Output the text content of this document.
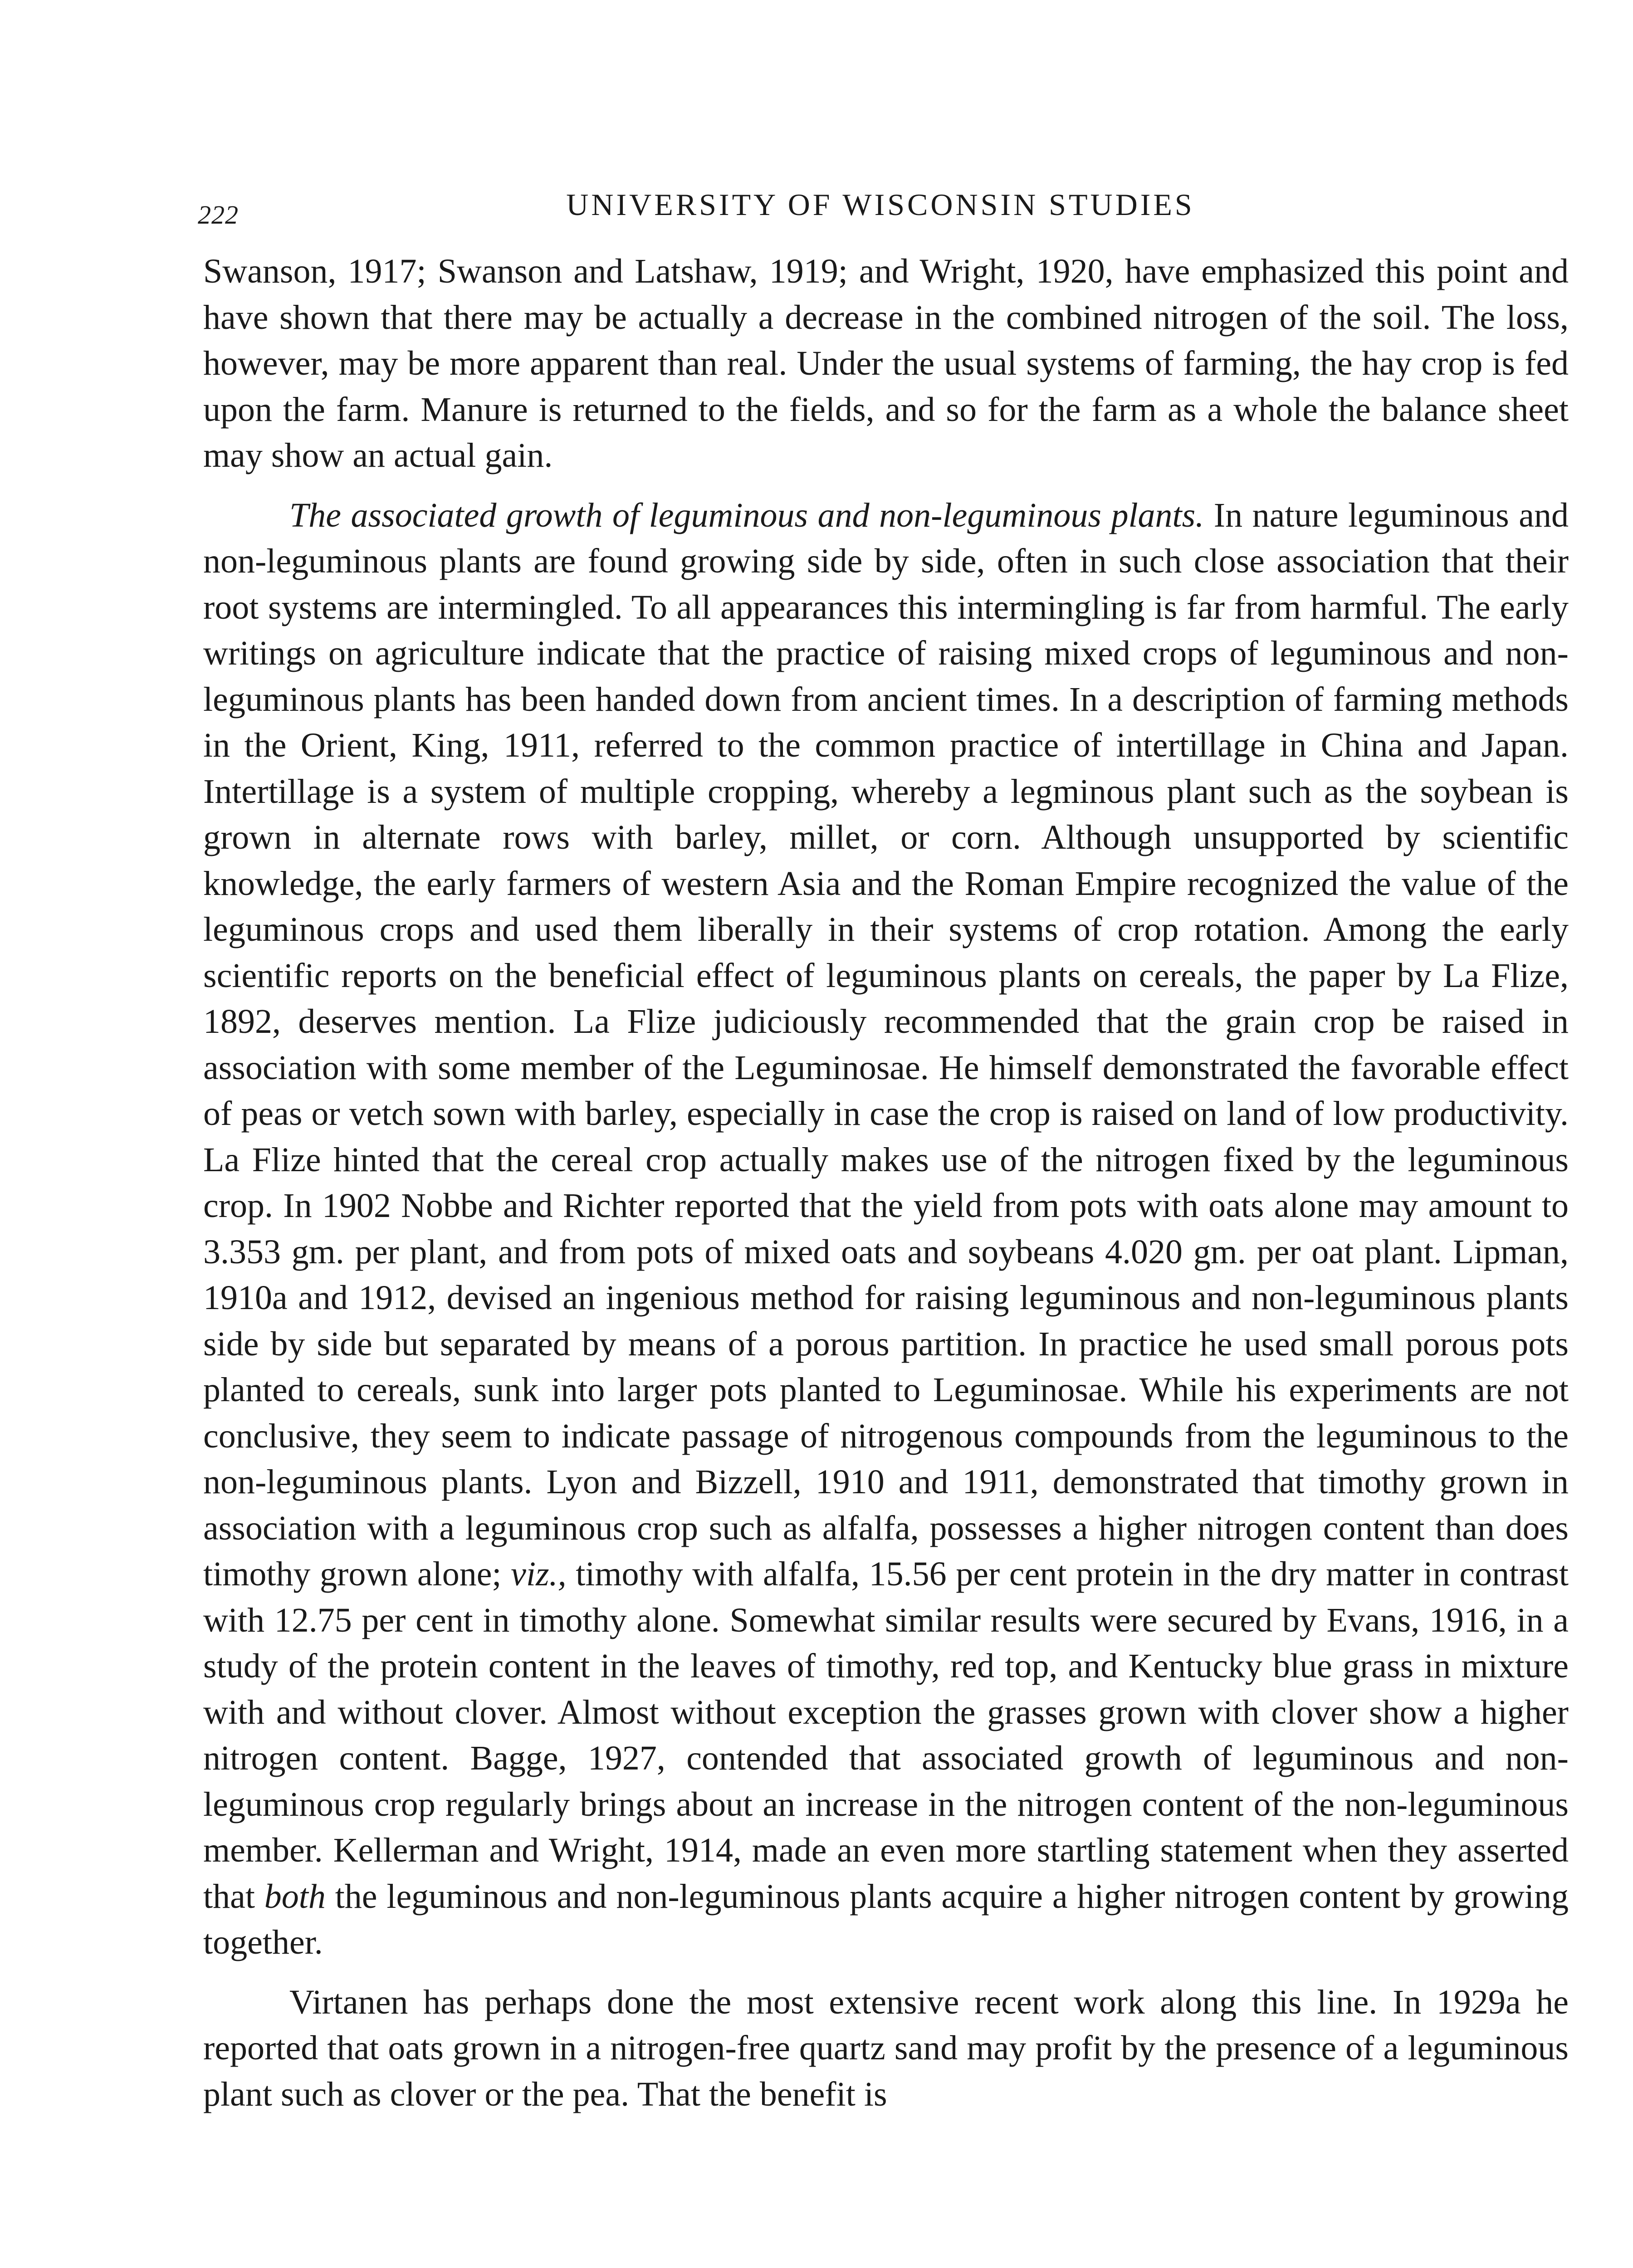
222	UNIVERSITY OF WISCONSIN STUDIES

Swanson, 1917; Swanson and Latshaw, 1919; and Wright, 1920, have emphasized this point and have shown that there may be actually a decrease in the combined nitrogen of the soil. The loss, however, may be more apparent than real. Under the usual systems of farming, the hay crop is fed upon the farm. Manure is returned to the fields, and so for the farm as a whole the balance sheet may show an actual gain.

The associated growth of leguminous and non-leguminous plants. In nature leguminous and non-leguminous plants are found growing side by side, often in such close association that their root systems are intermingled. To all appearances this intermingling is far from harmful. The early writings on agriculture indicate that the practice of raising mixed crops of leguminous and non-leguminous plants has been handed down from ancient times. In a description of farming methods in the Orient, King, 1911, referred to the common practice of intertillage in China and Japan. Intertillage is a system of multiple cropping, whereby a legminous plant such as the soybean is grown in alternate rows with barley, millet, or corn. Although unsupported by scientific knowledge, the early farmers of western Asia and the Roman Empire recognized the value of the leguminous crops and used them liberally in their systems of crop rotation. Among the early scientific reports on the beneficial effect of leguminous plants on cereals, the paper by La Flize, 1892, deserves mention. La Flize judiciously recommended that the grain crop be raised in association with some member of the Leguminosae. He himself demonstrated the favorable effect of peas or vetch sown with barley, especially in case the crop is raised on land of low productivity. La Flize hinted that the cereal crop actually makes use of the nitrogen fixed by the leguminous crop. In 1902 Nobbe and Richter reported that the yield from pots with oats alone may amount to 3.353 gm. per plant, and from pots of mixed oats and soybeans 4.020 gm. per oat plant. Lipman, 1910a and 1912, devised an ingenious method for raising leguminous and non-leguminous plants side by side but separated by means of a porous partition. In practice he used small porous pots planted to cereals, sunk into larger pots planted to Leguminosae. While his experiments are not conclusive, they seem to indicate passage of nitrogenous compounds from the leguminous to the non-leguminous plants. Lyon and Bizzell, 1910 and 1911, demonstrated that timothy grown in association with a leguminous crop such as alfalfa, possesses a higher nitrogen content than does timothy grown alone; viz., timothy with alfalfa, 15.56 per cent protein in the dry matter in contrast with 12.75 per cent in timothy alone. Somewhat similar results were secured by Evans, 1916, in a study of the protein content in the leaves of timothy, red top, and Kentucky blue grass in mixture with and without clover. Almost without exception the grasses grown with clover show a higher nitrogen content. Bagge, 1927, contended that associated growth of leguminous and non-leguminous crop regularly brings about an increase in the nitrogen content of the non-leguminous member. Kellerman and Wright, 1914, made an even more startling statement when they asserted that both the leguminous and non-leguminous plants acquire a higher nitrogen content by growing together.

Virtanen has perhaps done the most extensive recent work along this line. In 1929a he reported that oats grown in a nitrogen-free quartz sand may profit by the presence of a leguminous plant such as clover or the pea. That the benefit is
